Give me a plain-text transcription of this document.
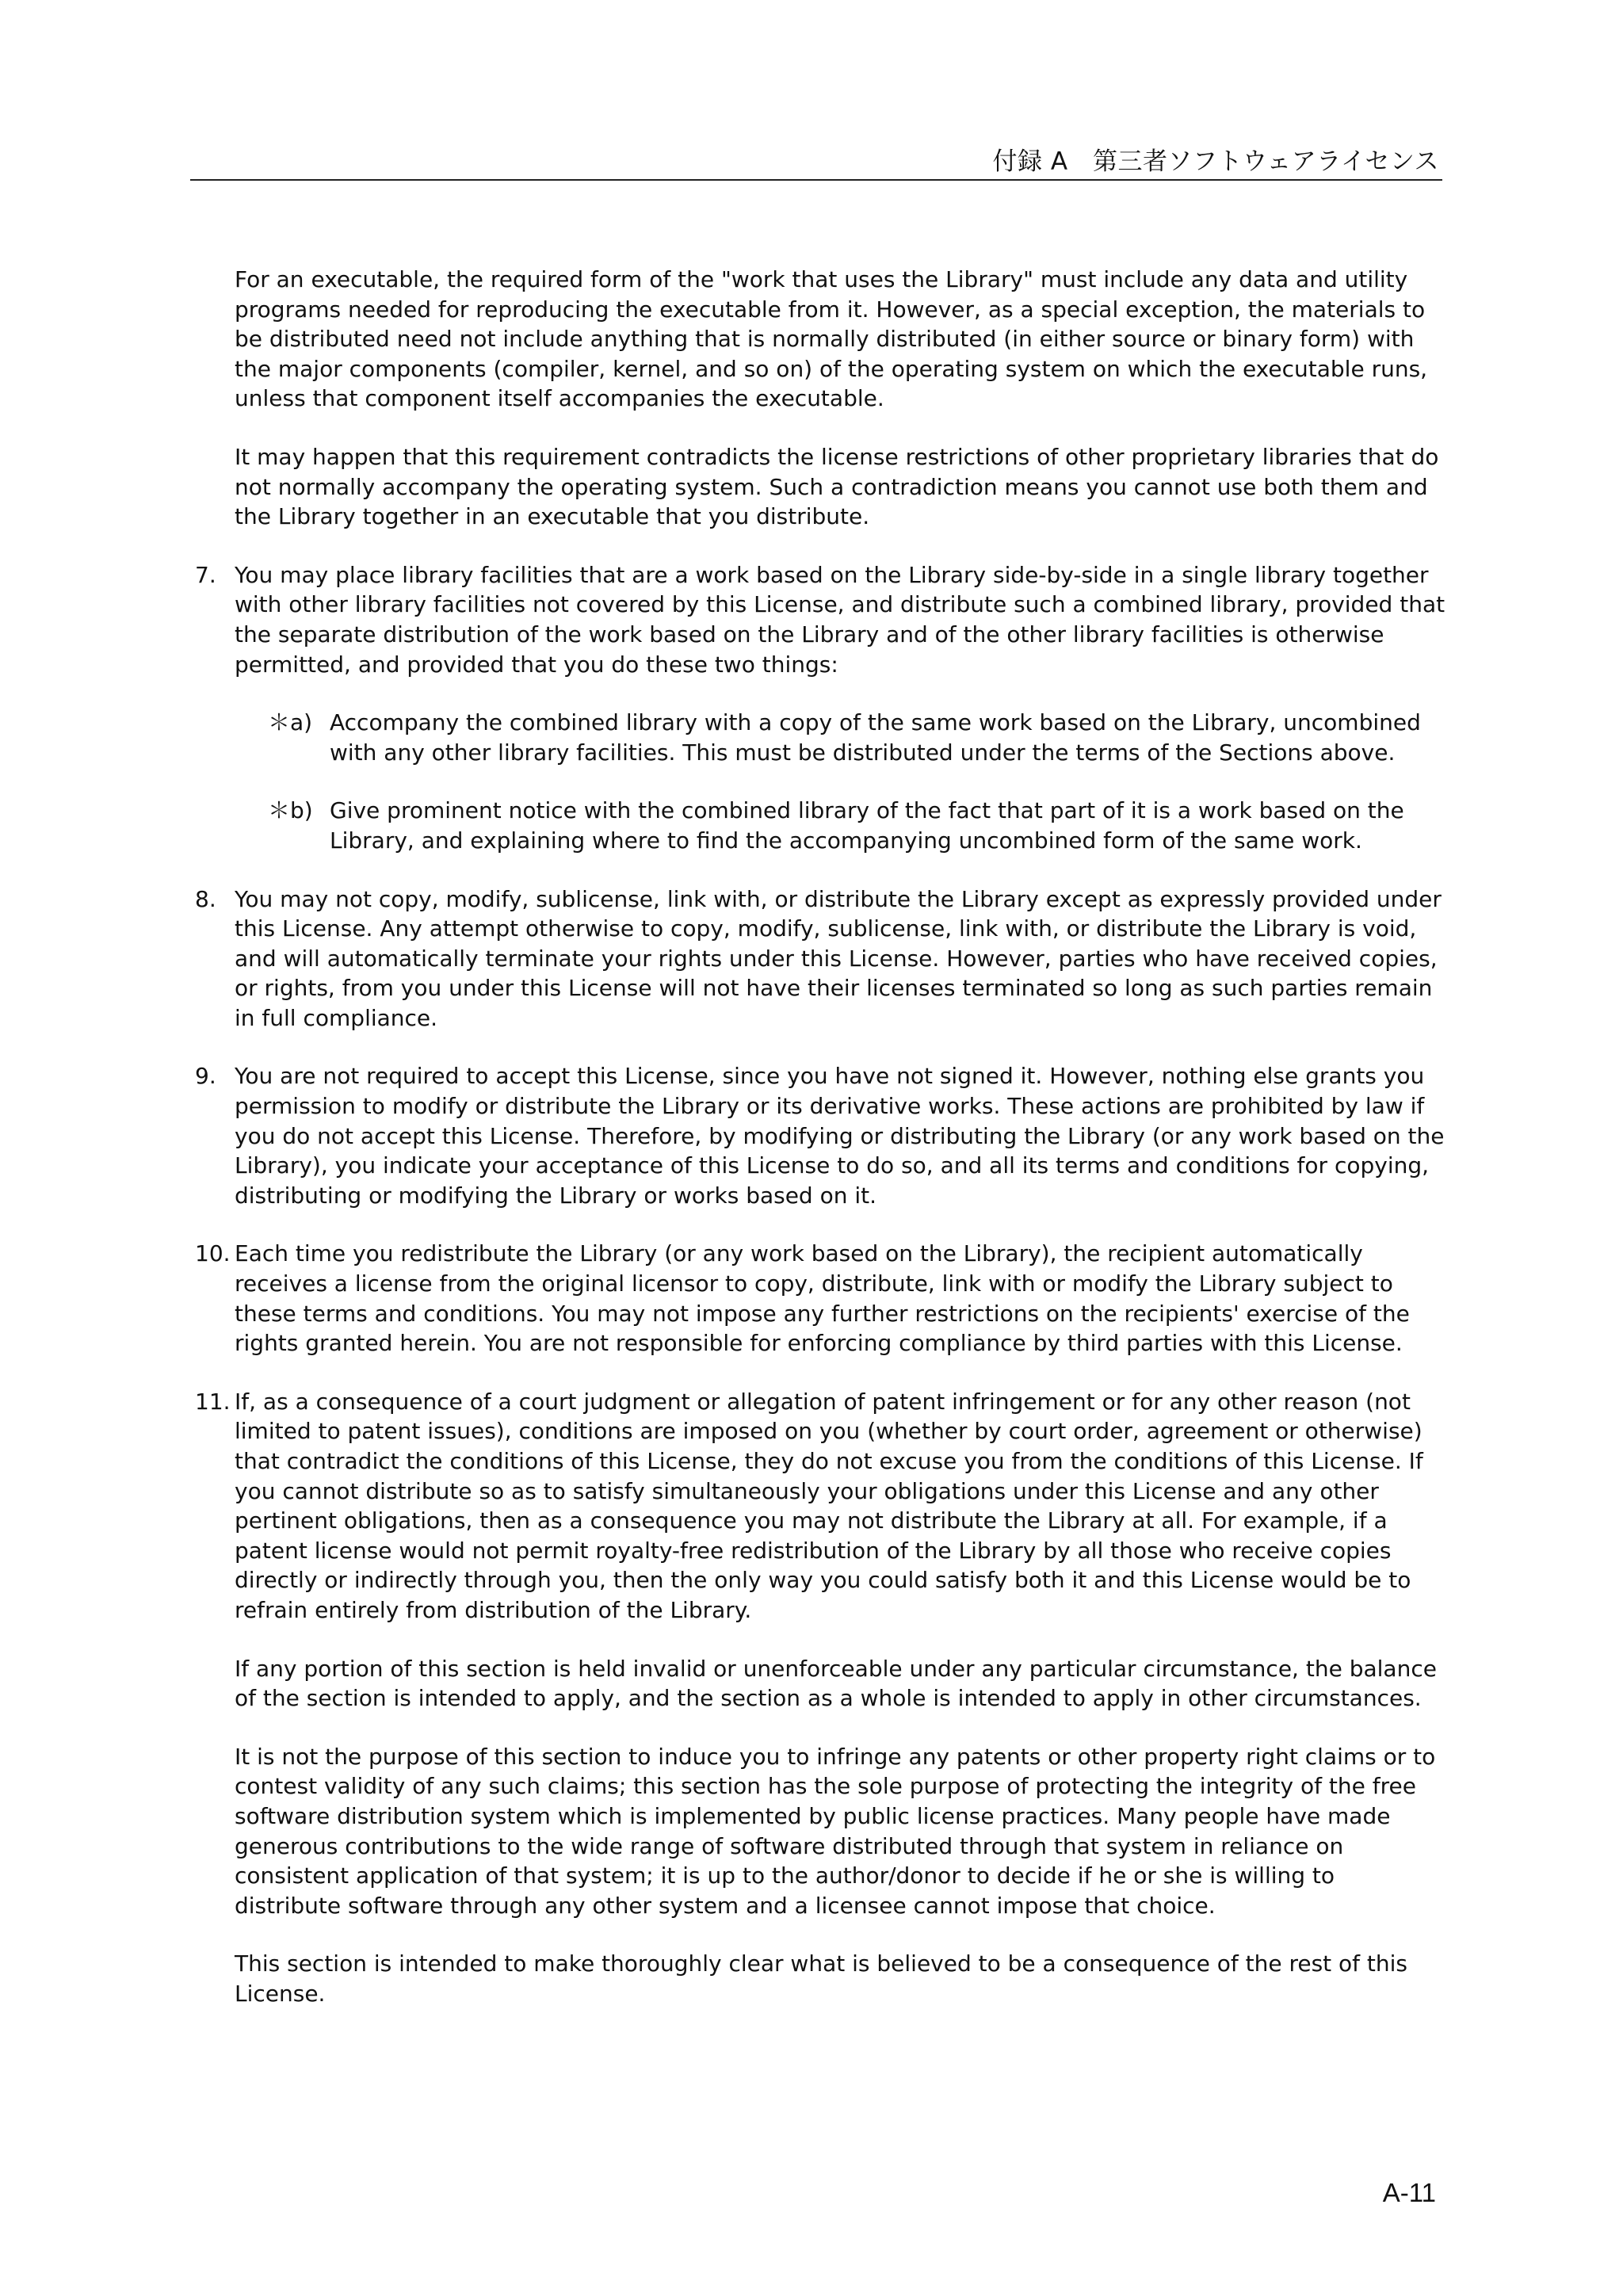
付録 A　第三者ソフトウェアライセンス

For an executable, the required form of the "work that uses the Library" must include any data and utility programs needed for reproducing the executable from it. However, as a special exception, the materials to be distributed need not include anything that is normally distributed (in either source or binary form) with the major components (compiler, kernel, and so on) of the operating system on which the executable runs, unless that component itself accompanies the executable.

It may happen that this requirement contradicts the license restrictions of other proprietary libraries that do not normally accompany the operating system. Such a contradiction means you cannot use both them and the Library together in an executable that you distribute.

7. You may place library facilities that are a work based on the Library side-by-side in a single library together with other library facilities not covered by this License, and distribute such a combined library, provided that the separate distribution of the work based on the Library and of the other library facilities is otherwise permitted, and provided that you do these two things:

＊a) Accompany the combined library with a copy of the same work based on the Library, uncombined with any other library facilities. This must be distributed under the terms of the Sections above.

＊b) Give prominent notice with the combined library of the fact that part of it is a work based on the Library, and explaining where to find the accompanying uncombined form of the same work.

8. You may not copy, modify, sublicense, link with, or distribute the Library except as expressly provided under this License. Any attempt otherwise to copy, modify, sublicense, link with, or distribute the Library is void, and will automatically terminate your rights under this License. However, parties who have received copies, or rights, from you under this License will not have their licenses terminated so long as such parties remain in full compliance.

9. You are not required to accept this License, since you have not signed it. However, nothing else grants you permission to modify or distribute the Library or its derivative works. These actions are prohibited by law if you do not accept this License. Therefore, by modifying or distributing the Library (or any work based on the Library), you indicate your acceptance of this License to do so, and all its terms and conditions for copying, distributing or modifying the Library or works based on it.

10. Each time you redistribute the Library (or any work based on the Library), the recipient automatically receives a license from the original licensor to copy, distribute, link with or modify the Library subject to these terms and conditions. You may not impose any further restrictions on the recipients' exercise of the rights granted herein. You are not responsible for enforcing compliance by third parties with this License.

11. If, as a consequence of a court judgment or allegation of patent infringement or for any other reason (not limited to patent issues), conditions are imposed on you (whether by court order, agreement or otherwise) that contradict the conditions of this License, they do not excuse you from the conditions of this License. If you cannot distribute so as to satisfy simultaneously your obligations under this License and any other pertinent obligations, then as a consequence you may not distribute the Library at all. For example, if a patent license would not permit royalty-free redistribution of the Library by all those who receive copies directly or indirectly through you, then the only way you could satisfy both it and this License would be to refrain entirely from distribution of the Library.

If any portion of this section is held invalid or unenforceable under any particular circumstance, the balance of the section is intended to apply, and the section as a whole is intended to apply in other circumstances.

It is not the purpose of this section to induce you to infringe any patents or other property right claims or to contest validity of any such claims; this section has the sole purpose of protecting the integrity of the free software distribution system which is implemented by public license practices. Many people have made generous contributions to the wide range of software distributed through that system in reliance on consistent application of that system; it is up to the author/donor to decide if he or she is willing to distribute software through any other system and a licensee cannot impose that choice.

This section is intended to make thoroughly clear what is believed to be a consequence of the rest of this License.

A-11
